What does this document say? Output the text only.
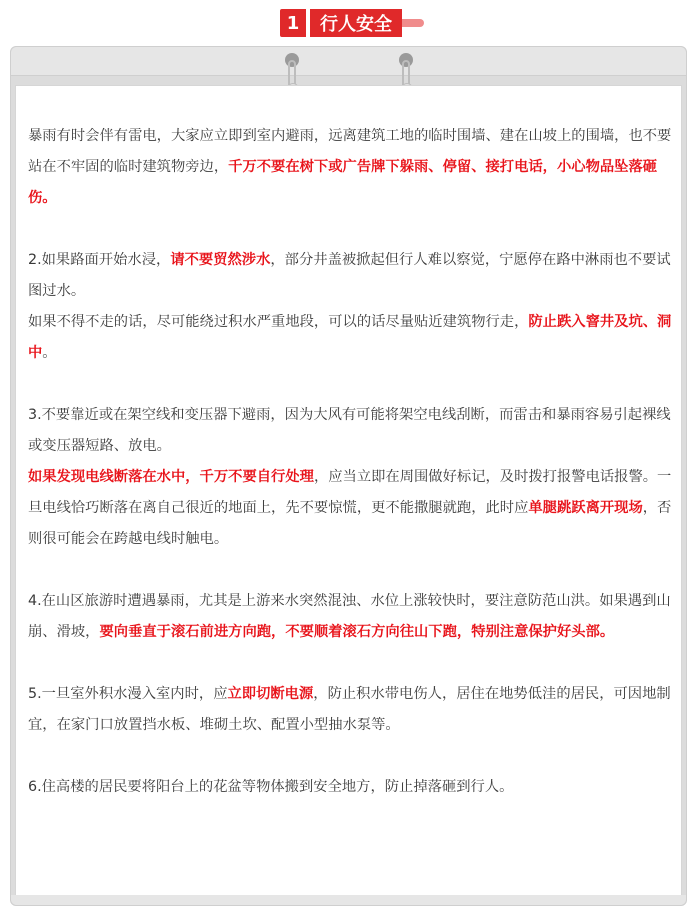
1	行人安全

暴雨有时会伴有雷电，大家应立即到室内避雨，远离建筑工地的临时围墙、建在山坡上的围墙，也不要站在不牢固的临时建筑物旁边，千万不要在树下或广告牌下躲雨、停留、接打电话，小心物品坠落砸伤。

2.如果路面开始水浸，请不要贸然涉水，部分井盖被掀起但行人难以察觉，宁愿停在路中淋雨也不要试图过水。

如果不得不走的话，尽可能绕过积水严重地段，可以的话尽量贴近建筑物行走，防止跌入窨井及坑、洞中。

3.不要靠近或在架空线和变压器下避雨，因为大风有可能将架空电线刮断，而雷击和暴雨容易引起裸线或变压器短路、放电。

如果发现电线断落在水中，千万不要自行处理，应当立即在周围做好标记，及时拨打报警电话报警。一旦电线恰巧断落在离自己很近的地面上，先不要惊慌，更不能撒腿就跑，此时应单腿跳跃离开现场，否则很可能会在跨越电线时触电。

4.在山区旅游时遭遇暴雨，尤其是上游来水突然混浊、水位上涨较快时，要注意防范山洪。如果遇到山崩、滑坡，要向垂直于滚石前进方向跑，不要顺着滚石方向往山下跑，特别注意保护好头部。

5.一旦室外积水漫入室内时，应立即切断电源，防止积水带电伤人，居住在地势低洼的居民，可因地制宜，在家门口放置挡水板、堆砌土坎、配置小型抽水泵等。

6.住高楼的居民要将阳台上的花盆等物体搬到安全地方，防止掉落砸到行人。
